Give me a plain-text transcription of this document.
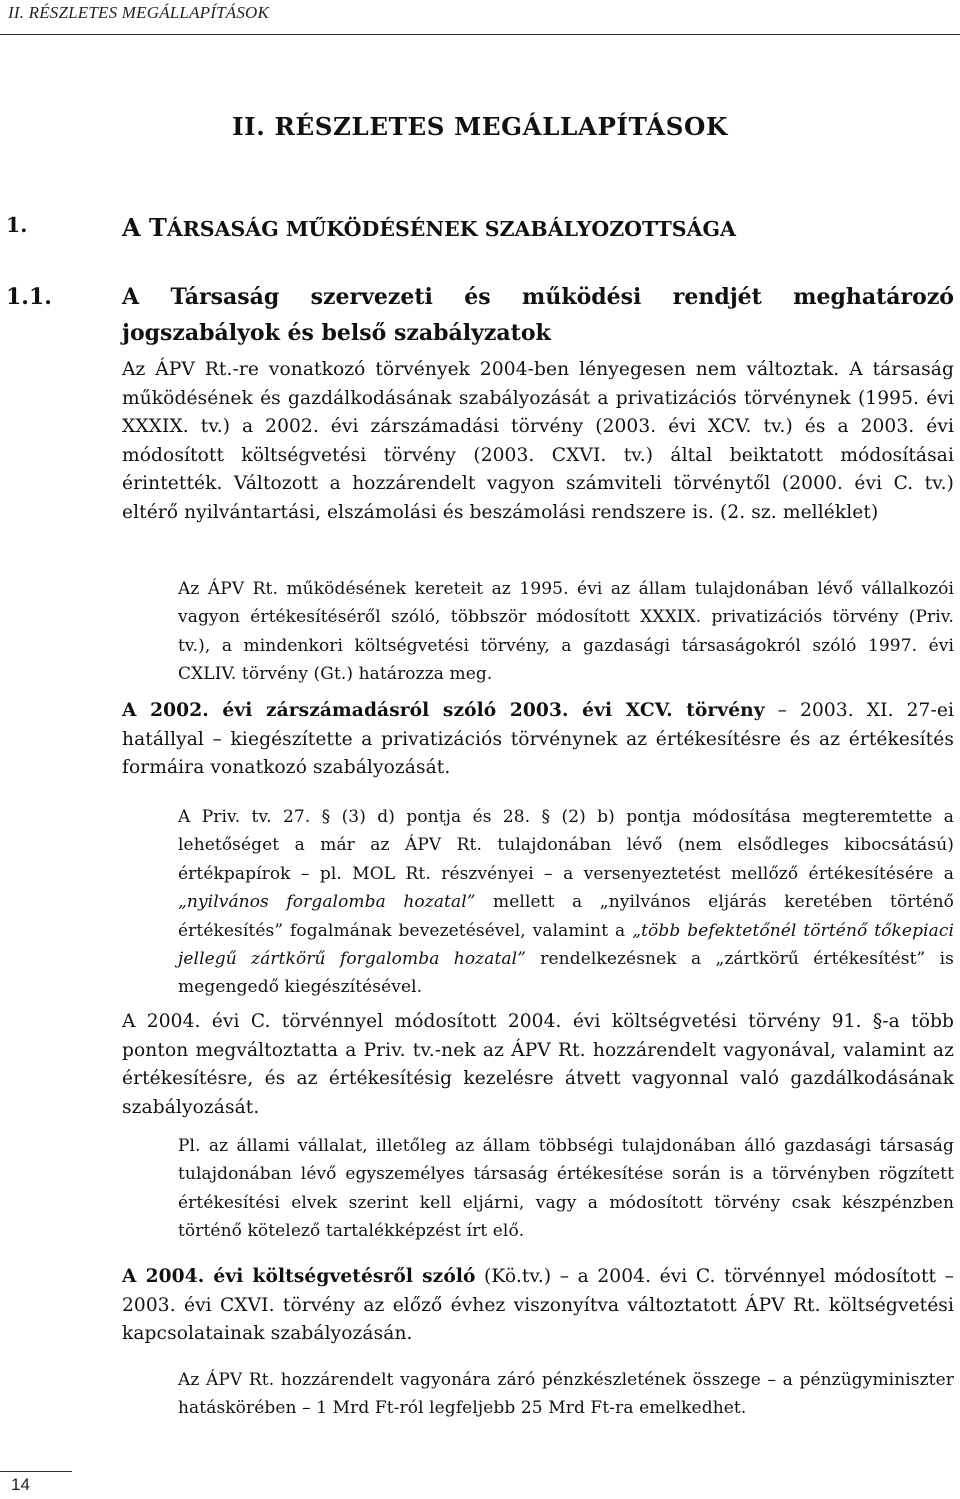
II. RÉSZLETES MEGÁLLAPÍTÁSOK
II. RÉSZLETES MEGÁLLAPÍTÁSOK
1.	A TÁRSASÁG MŰKÖDÉSÉNEK SZABÁLYOZOTTSÁGA
1.1.	A Társaság szervezeti és működési rendjét meghatározó jogszabályok és belső szabályzatok

Az ÁPV Rt.-re vonatkozó törvények 2004-ben lényegesen nem változtak. A társaság működésének és gazdálkodásának szabályozását a privatizációs törvénynek (1995. évi XXXIX. tv.) a 2002. évi zárszámadási törvény (2003. évi XCV. tv.) és a 2003. évi módosított költségvetési törvény (2003. CXVI. tv.) által beiktatott módosításai érintették. Változott a hozzárendelt vagyon számviteli törvénytől (2000. évi C. tv.) eltérő nyilvántartási, elszámolási és beszámolási rendszere is. (2. sz. melléklet)

Az ÁPV Rt. működésének kereteit az 1995. évi az állam tulajdonában lévő vállalkozói vagyon értékesítéséről szóló, többször módosított XXXIX. privatizációs törvény (Priv. tv.), a mindenkori költségvetési törvény, a gazdasági társaságokról szóló 1997. évi CXLIV. törvény (Gt.) határozza meg.

A 2002. évi zárszámadásról szóló 2003. évi XCV. törvény – 2003. XI. 27-ei hatállyal – kiegészítette a privatizációs törvénynek az értékesítésre és az értékesítés formáira vonatkozó szabályozását.

A Priv. tv. 27. § (3) d) pontja és 28. § (2) b) pontja módosítása megteremtette a lehetőséget a már az ÁPV Rt. tulajdonában lévő (nem elsődleges kibocsátású) értékpapírok – pl. MOL Rt. részvényei – a versenyeztetést mellőző értékesítésére a „nyilvános forgalomba hozatal” mellett a „nyilvános eljárás keretében történő értékesítés” fogalmának bevezetésével, valamint a „több befektetőnél történő tőkepiaci jellegű zártkörű forgalomba hozatal” rendelkezésnek a „zártkörű értékesítést” is megengedő kiegészítésével.

A 2004. évi C. törvénnyel módosított 2004. évi költségvetési törvény 91. §-a több ponton megváltoztatta a Priv. tv.-nek az ÁPV Rt. hozzárendelt vagyonával, valamint az értékesítésre, és az értékesítésig kezelésre átvett vagyonnal való gazdálkodásának szabályozását.

Pl. az állami vállalat, illetőleg az állam többségi tulajdonában álló gazdasági társaság tulajdonában lévő egyszemélyes társaság értékesítése során is a törvényben rögzített értékesítési elvek szerint kell eljárni, vagy a módosított törvény csak készpénzben történő kötelező tartalékképzést írt elő.

A 2004. évi költségvetésről szóló (Kö.tv.) – a 2004. évi C. törvénnyel módosított – 2003. évi CXVI. törvény az előző évhez viszonyítva változtatott ÁPV Rt. költségvetési kapcsolatainak szabályozásán.

Az ÁPV Rt. hozzárendelt vagyonára záró pénzkészletének összege – a pénzügyminiszter hatáskörében – 1 Mrd Ft-ról legfeljebb 25 Mrd Ft-ra emelkedhet.

14
